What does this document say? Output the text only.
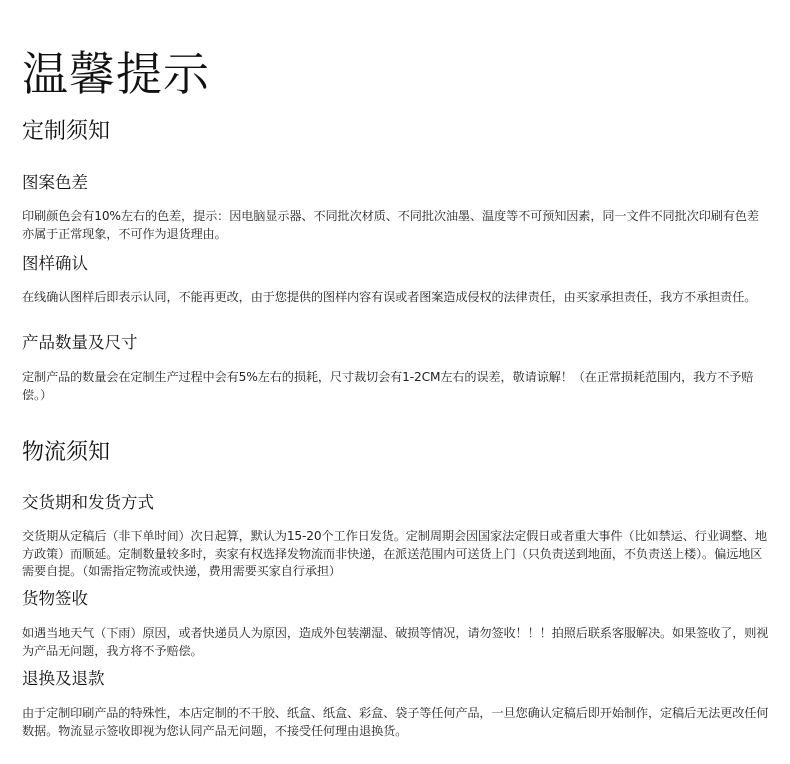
温馨提示
定制须知
图案色差

印刷颜色会有10%左右的色差，提示：因电脑显示器、不同批次材质、不同批次油墨、温度等不可预知因素，同一文件不同批次印刷有色差亦属于正常现象，不可作为退货理由。

图样确认

在线确认图样后即表示认同，不能再更改，由于您提供的图样内容有误或者图案造成侵权的法律责任，由买家承担责任，我方不承担责任。

产品数量及尺寸

定制产品的数量会在定制生产过程中会有5%左右的损耗，尺寸裁切会有1-2CM左右的误差，敬请谅解！（在正常损耗范围内，我方不予赔偿。）

物流须知
交货期和发货方式

交货期从定稿后（非下单时间）次日起算，默认为15-20个工作日发货。定制周期会因国家法定假日或者重大事件（比如禁运、行业调整、地方政策）而顺延。定制数量较多时，卖家有权选择发物流而非快递，在派送范围内可送货上门（只负责送到地面，不负责送上楼）。偏远地区需要自提。（如需指定物流或快递，费用需要买家自行承担）

货物签收

如遇当地天气（下雨）原因，或者快递员人为原因，造成外包装潮湿、破损等情况，请勿签收！！！拍照后联系客服解决。如果签收了，则视为产品无问题，我方将不予赔偿。

退换及退款

由于定制印刷产品的特殊性，本店定制的不干胶、纸盒、纸盒、彩盒、袋子等任何产品，一旦您确认定稿后即开始制作，定稿后无法更改任何数据。物流显示签收即视为您认同产品无问题，不接受任何理由退换货。
